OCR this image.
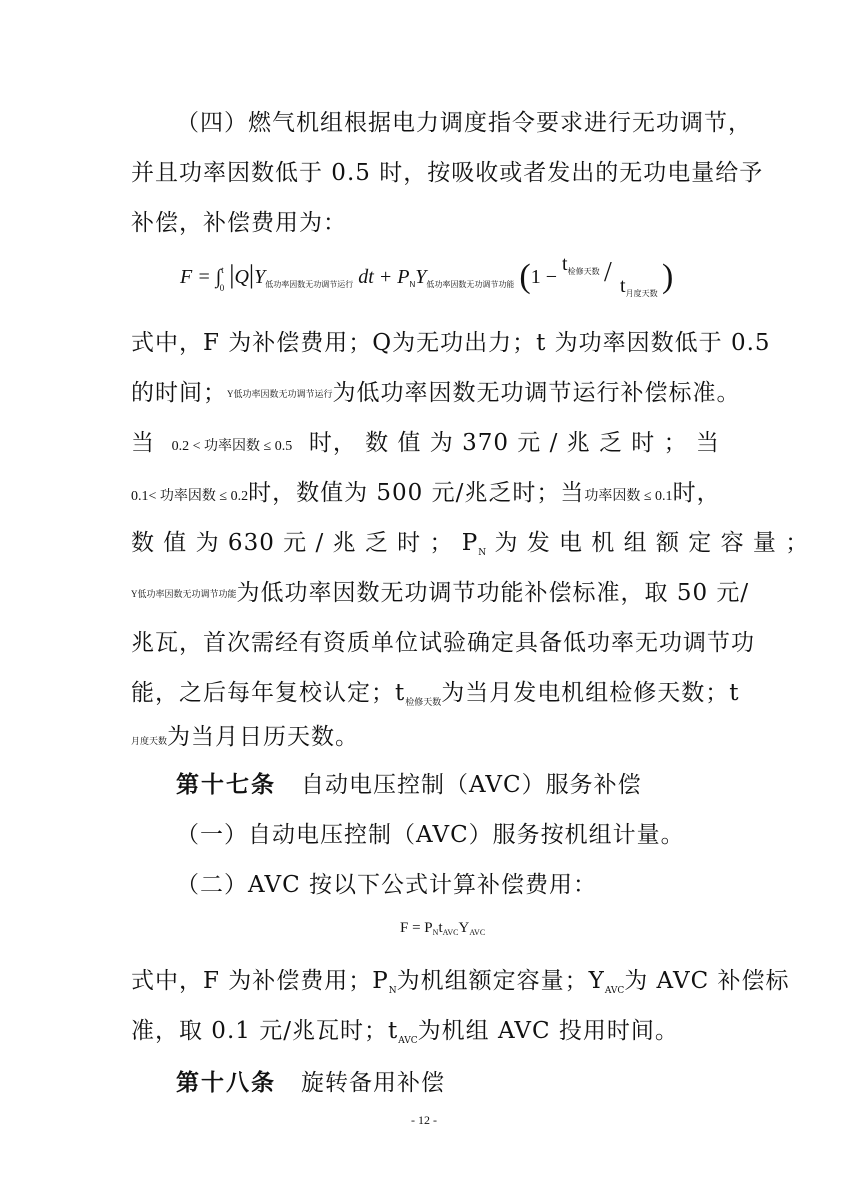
（四）燃气机组根据电力调度指令要求进行无功调节，
并且功率因数低于 0.5 时，按吸收或者发出的无功电量给予
补偿，补偿费用为：
F = ∫$^t_0$ $|Q|Y_{低功率因数无功调节运行}$ dt + $P_NY_{低功率因数无功调节功能}$ (1 −
$t_{检修天数} / t_{月度天数}$ )
式中，F 为补偿费用；Q为无功出力；t 为功率因数低于 0.5
的时间；Y低功率因数无功调节运行为低功率因数无功调节运行补偿标准。
当 0.2 < 功率因数 ≤ 0.5 时， 数 值 为 370 元 / 兆 乏 时 ； 当
0.1< 功率因数 ≤ 0.2时，数值为 500 元/兆乏时；当功率因数 ≤ 0.1时，
数 值 为 630 元 / 兆 乏 时 ； $P_N$ 为 发 电 机 组 额 定 容 量 ；
Y低功率因数无功调节功能为低功率因数无功调节功能补偿标准，取 50 元/
兆瓦，首次需经有资质单位试验确定具备低功率无功调节功
能，之后每年复校认定；$t_{检修天数}$为当月发电机组检修天数；t
月度天数为当月日历天数。
第十七条 自动电压控制（AVC）服务补偿
（一）自动电压控制（AVC）服务按机组计量。
（二）AVC 按以下公式计算补偿费用：
$F = P_Nt_{AVC}Y_{AVC}$
式中，F 为补偿费用；$P_N$为机组额定容量；$Y_{AVC}$为 AVC 补偿标
准，取 0.1 元/兆瓦时；$t_{AVC}$为机组 AVC 投用时间。
第十八条 旋转备用补偿
- 12 -
